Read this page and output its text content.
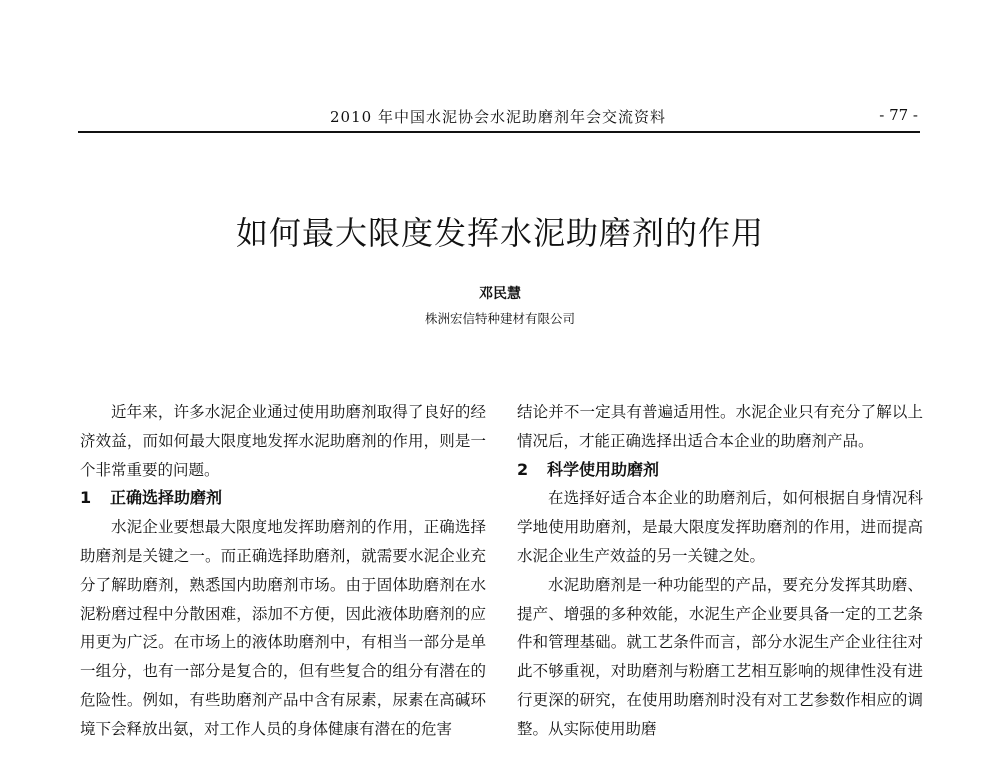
2010 年中国水泥协会水泥助磨剂年会交流资料	- 77 -
如何最大限度发挥水泥助磨剂的作用
邓民慧
株洲宏信特种建材有限公司

近年来，许多水泥企业通过使用助磨剂取得了良好的经济效益，而如何最大限度地发挥水泥助磨剂的作用，则是一个非常重要的问题。

1 正确选择助磨剂

水泥企业要想最大限度地发挥助磨剂的作用，正确选择助磨剂是关键之一。而正确选择助磨剂，就需要水泥企业充分了解助磨剂，熟悉国内助磨剂市场。由于固体助磨剂在水泥粉磨过程中分散困难，添加不方便，因此液体助磨剂的应用更为广泛。在市场上的液体助磨剂中，有相当一部分是单一组分，也有一部分是复合的，但有些复合的组分有潜在的危险性。例如，有些助磨剂产品中含有尿素，尿素在高碱环境下会释放出氨，对工作人员的身体健康有潜在的危害

结论并不一定具有普遍适用性。水泥企业只有充分了解以上情况后，才能正确选择出适合本企业的助磨剂产品。

2 科学使用助磨剂

在选择好适合本企业的助磨剂后，如何根据自身情况科学地使用助磨剂，是最大限度发挥助磨剂的作用，进而提高水泥企业生产效益的另一关键之处。

水泥助磨剂是一种功能型的产品，要充分发挥其助磨、提产、增强的多种效能，水泥生产企业要具备一定的工艺条件和管理基础。就工艺条件而言，部分水泥生产企业往往对此不够重视，对助磨剂与粉磨工艺相互影响的规律性没有进行更深的研究，在使用助磨剂时没有对工艺参数作相应的调整。从实际使用助磨
